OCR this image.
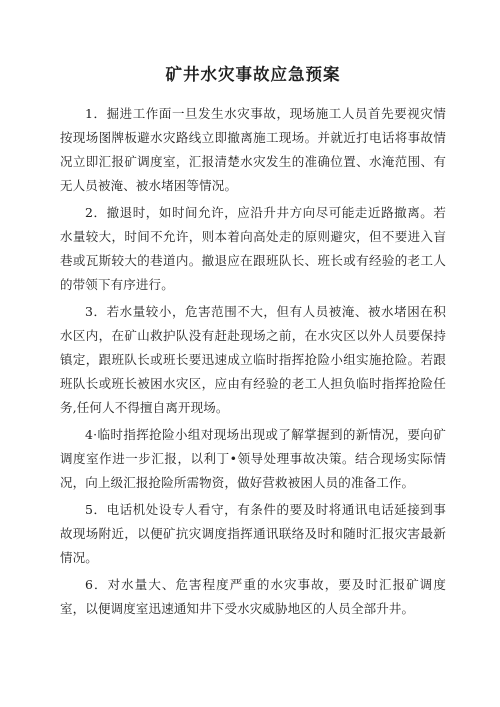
矿井水灾事故应急预案

1．掘进工作面一旦发生水灾事故，现场施工人员首先要视灾情按现场图牌板避水灾路线立即撤离施工现场。并就近打电话将事故情况立即汇报矿调度室，汇报清楚水灾发生的准确位置、水淹范围、有无人员被淹、被水堵困等情况。

2．撤退时，如时间允许，应沿升井方向尽可能走近路撤离。若水量较大，时间不允许，则本着向高处走的原则避灾，但不要进入盲巷或瓦斯较大的巷道内。撤退应在跟班队长、班长或有经验的老工人的带领下有序进行。

3．若水量较小，危害范围不大，但有人员被淹、被水堵困在积水区内，在矿山救护队没有赶赴现场之前，在水灾区以外人员要保持镇定，跟班队长或班长要迅速成立临时指挥抢险小组实施抢险。若跟班队长或班长被困水灾区，应由有经验的老工人担负临时指挥抢险任务,任何人不得擅自离开现场。

4·临时指挥抢险小组对现场出现或了解掌握到的新情况，要向矿调度室作进一步汇报，以利丁•领导处理事故决策。结合现场实际情况，向上级汇报抢险所需物资，做好营救被困人员的准备工作。

5．电话机处设专人看守，有条件的要及时将通讯电话延接到事故现场附近，以便矿抗灾调度指挥通讯联络及时和随时汇报灾害最新情况。

6．对水量大、危害程度严重的水灾事故，要及时汇报矿调度室，以便调度室迅速通知井下受水灾威胁地区的人员全部升井。
